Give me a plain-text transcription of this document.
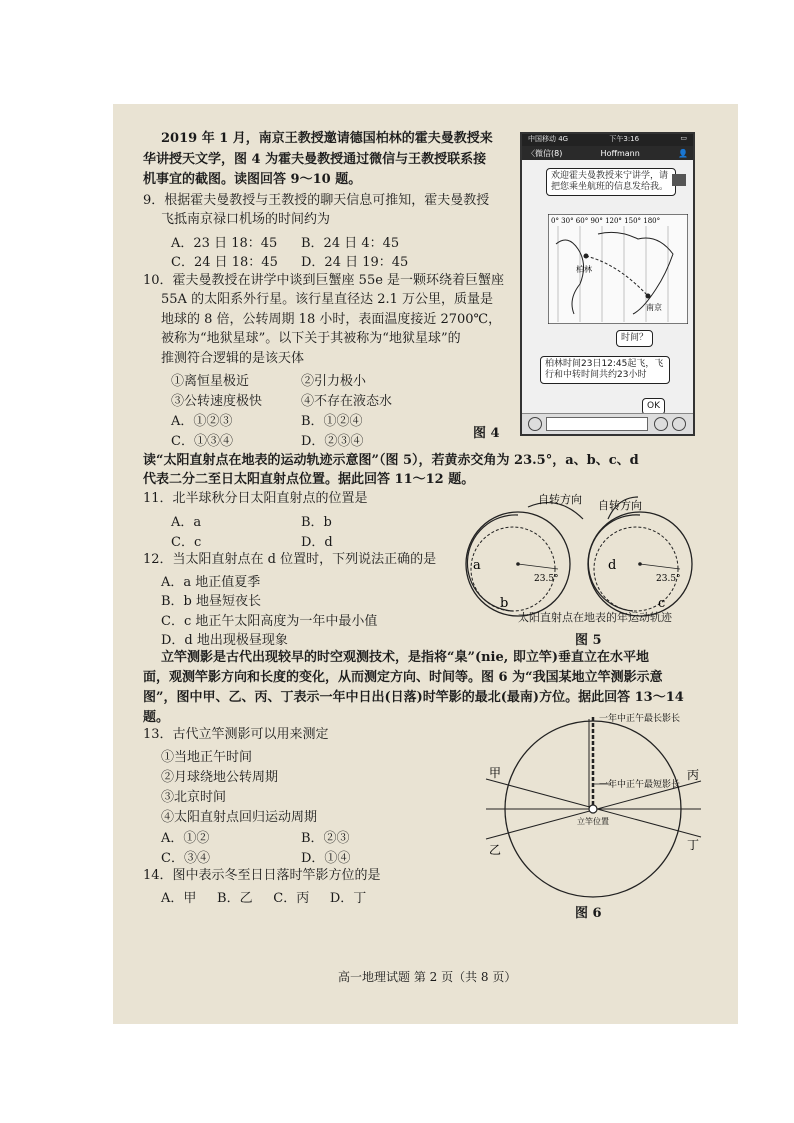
2019 年 1 月，南京王教授邀请德国柏林的霍夫曼教授来
华讲授天文学，图 4 为霍夫曼教授通过微信与王教授联系接
机事宜的截图。读图回答 9～10 题。
9．根据霍夫曼教授与王教授的聊天信息可推知，霍夫曼教授
飞抵南京禄口机场的时间约为
A．23 日 18：45 B．24 日 4：45
C．24 日 18：45 D．24 日 19：45
10．霍夫曼教授在讲学中谈到巨蟹座 55e 是一颗环绕着巨蟹座
55A 的太阳系外行星。该行星直径达 2.1 万公里，质量是
地球的 8 倍，公转周期 18 小时，表面温度接近 2700℃，
被称为“地狱星球”。以下关于其被称为“地狱星球”的
推测符合逻辑的是该天体
①离恒星极近	②引力极小
③公转速度极快	④不存在液态水
A．①②③	B．①②④
C．①③④	D．②③④
图 4
中国移动 4G	下午3:16	▭
〈微信(8)	Hoffmann	👤
欢迎霍夫曼教授来宁讲学，请把您乘坐航班的信息发给我。
0° 30° 60° 90° 120° 150° 180°
柏林
南京
时间？
柏林时间23日12:45起飞，飞行和中转时间共约23小时
OK
读“太阳直射点在地表的运动轨迹示意图”（图 5），若黄赤交角为 23.5°，a、b、c、d
代表二分二至日太阳直射点位置。据此回答 11～12 题。
11．北半球秋分日太阳直射点的位置是
A．a	B．b
C．c	D．d
12．当太阳直射点在 d 位置时，下列说法正确的是
A．a 地正值夏季
B．b 地昼短夜长
C．c 地正午太阳高度为一年中最小值
D．d 地出现极昼现象
a
b
23.5°
d
c
23.5°
自转方向 自转方向
太阳直射点在地表的年运动轨迹
图 5
立竿测影是古代出现较早的时空观测技术，是指将“臬”(nie, 即立竿)垂直立在水平地
面，观测竿影方向和长度的变化，从而测定方向、时间等。图 6 为“我国某地立竿测影示意
图”，图中甲、乙、丙、丁表示一年中日出(日落)时竿影的最北(最南)方位。据此回答 13～14
题。
13．古代立竿测影可以用来测定
①当地正午时间
②月球绕地公转周期
③北京时间
④太阳直射点回归运动周期
A．①②	B．②③
C．③④	D．①④
14．图中表示冬至日日落时竿影方位的是
A．甲     B．乙     C．丙     D．丁
甲
乙
丙
丁
一年中正午最长影长
一年中正午最短影长
立竿位置
图 6
高一地理试题 第 2 页（共 8 页）
